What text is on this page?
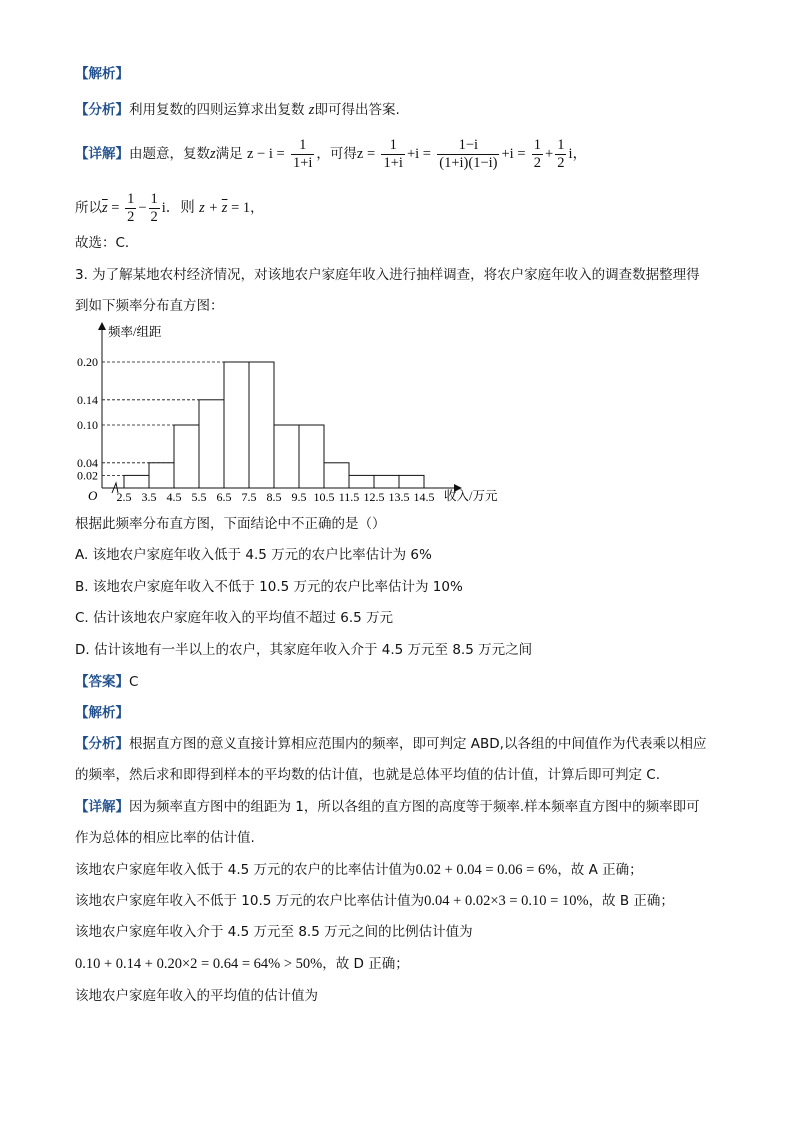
【解析】
【分析】利用复数的四则运算求出复数 z即可得出答案.
【详解】由题意，复数z满足 $z - i = \frac{1}{1+i}$ ，可得$z = \frac{1}{1+i} +i = \frac{1-i}{(1+i)(1-i)} +i = \frac{1}{2} + \frac{1}{2}$ i，
所以$\overline{z} = \frac{1}{2} - \frac{1}{2}$ i．则 $z + \overline{z} = 1$，
故选：C．
3. 为了解某地农村经济情况，对该地农户家庭年收入进行抽样调查，将农户家庭年收入的调查数据整理得
到如下频率分布直方图：
0.02
0.04
0.10
0.14
0.20
2.5 3.5 4.5 5.5 6.5 7.5 8.5 9.5 10.5 11.5 12.5 13.5 14.5
频率/组距
收入/万元
O
根据此频率分布直方图，下面结论中不正确的是（）
A. 该地农户家庭年收入低于 4.5 万元的农户比率估计为 6%
B. 该地农户家庭年收入不低于 10.5 万元的农户比率估计为 10%
C. 估计该地农户家庭年收入的平均值不超过 6.5 万元
D. 估计该地有一半以上的农户，其家庭年收入介于 4.5 万元至 8.5 万元之间
【答案】C
【解析】
【分析】根据直方图的意义直接计算相应范围内的频率，即可判定 ABD,以各组的中间值作为代表乘以相应
的频率，然后求和即得到样本的平均数的估计值，也就是总体平均值的估计值，计算后即可判定 C.
【详解】因为频率直方图中的组距为 1，所以各组的直方图的高度等于频率.样本频率直方图中的频率即可
作为总体的相应比率的估计值.
该地农户家庭年收入低于 4.5 万元的农户的比率估计值为0.02 + 0.04 = 0.06 = 6%，故 A 正确；
该地农户家庭年收入不低于 10.5 万元的农户比率估计值为0.04 + 0.02×3 = 0.10 = 10%，故 B 正确；
该地农户家庭年收入介于 4.5 万元至 8.5 万元之间的比例估计值为
0.10 + 0.14 + 0.20×2 = 0.64 = 64% > 50%，故 D 正确；
该地农户家庭年收入的平均值的估计值为
